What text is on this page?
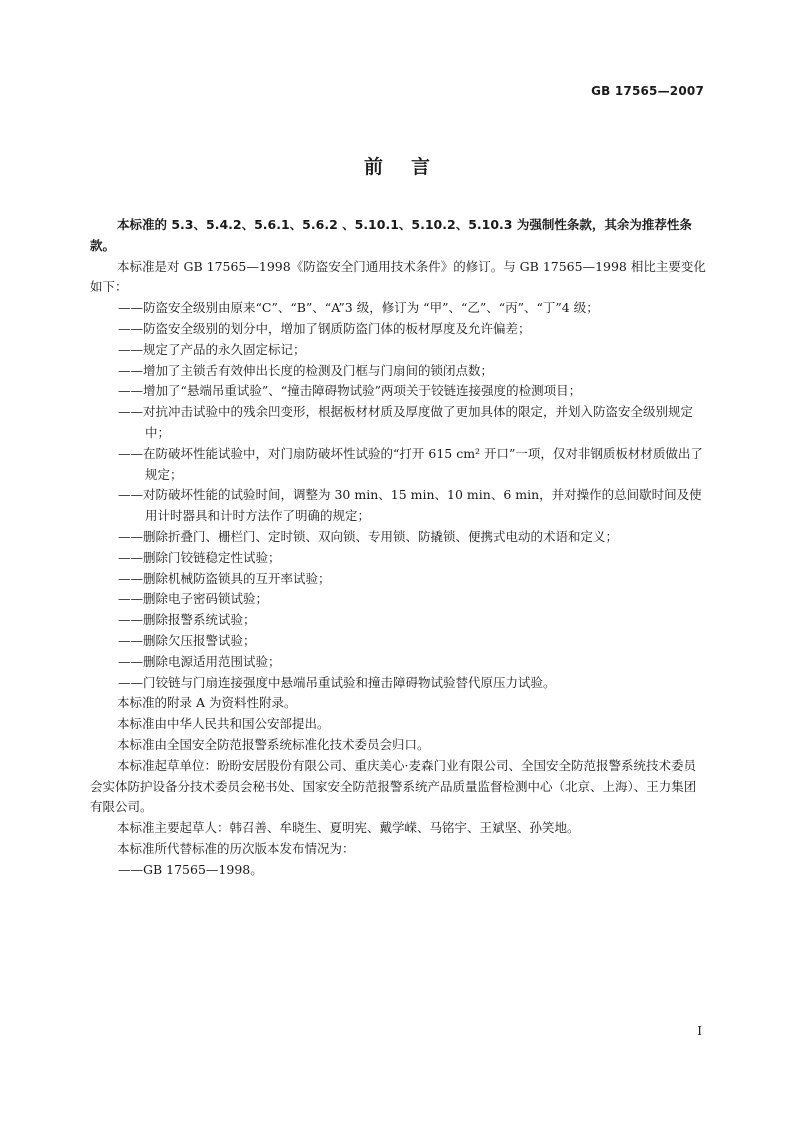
GB 17565—2007
前言

本标准的 5.3、5.4.2、5.6.1、5.6.2 、5.10.1、5.10.2、5.10.3 为强制性条款，其余为推荐性条款。

本标准是对 GB 17565—1998《防盗安全门通用技术条件》的修订。与 GB 17565—1998 相比主要变化如下：

——防盗安全级别由原来“C”、“B”、“A”3 级，修订为 “甲”、“乙”、“丙”、“丁”4 级；

——防盗安全级别的划分中，增加了钢质防盗门体的板材厚度及允许偏差；

——规定了产品的永久固定标记；

——增加了主锁舌有效伸出长度的检测及门框与门扇间的锁闭点数；

——增加了“悬端吊重试验”、“撞击障碍物试验”两项关于铰链连接强度的检测项目；

——对抗冲击试验中的残余凹变形，根据板材材质及厚度做了更加具体的限定，并划入防盗安全级别规定中；

——在防破坏性能试验中，对门扇防破坏性试验的“打开 615 cm² 开口”一项，仅对非钢质板材材质做出了规定；

——对防破坏性能的试验时间，调整为 30 min、15 min、10 min、6 min，并对操作的总间歇时间及使用计时器具和计时方法作了明确的规定；

——删除折叠门、栅栏门、定时锁、双向锁、专用锁、防撬锁、便携式电动的术语和定义；

——删除门铰链稳定性试验；

——删除机械防盗锁具的互开率试验；

——删除电子密码锁试验；

——删除报警系统试验；

——删除欠压报警试验；

——删除电源适用范围试验；

——门铰链与门扇连接强度中悬端吊重试验和撞击障碍物试验替代原压力试验。

本标准的附录 A 为资料性附录。

本标准由中华人民共和国公安部提出。

本标准由全国安全防范报警系统标准化技术委员会归口。

本标准起草单位：盼盼安居股份有限公司、重庆美心·麦森门业有限公司、全国安全防范报警系统技术委员会实体防护设备分技术委员会秘书处、国家安全防范报警系统产品质量监督检测中心（北京、上海）、王力集团有限公司。

本标准主要起草人：韩召善、牟晓生、夏明宪、戴学嵘、马铭宇、王斌坚、孙笑地。

本标准所代替标准的历次版本发布情况为：

——GB 17565—1998。

I
